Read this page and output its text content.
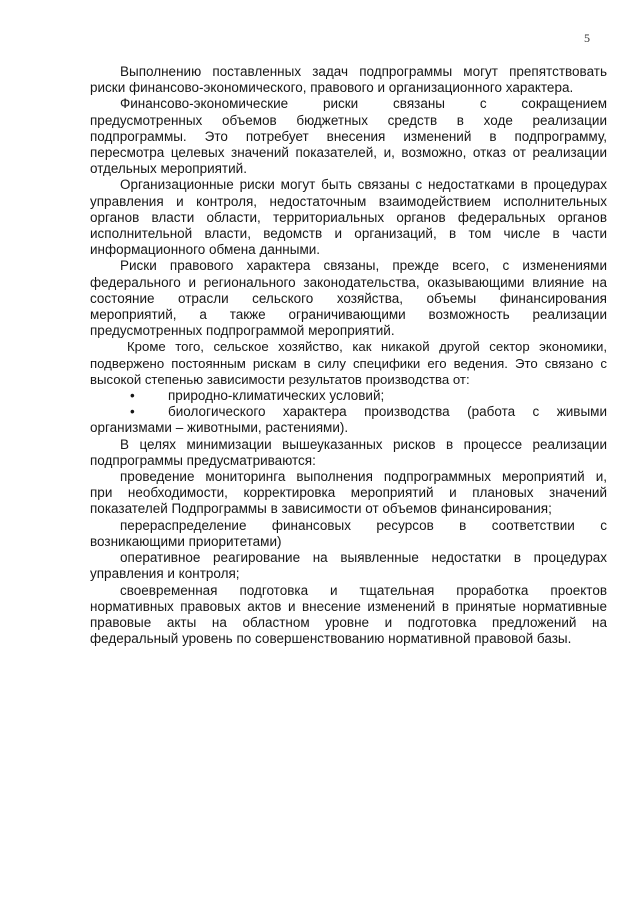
5
Выполнению поставленных задач подпрограммы могут препятствовать
риски финансово-экономического, правового и организационного характера.
Финансово-экономические риски связаны с сокращением
предусмотренных объемов бюджетных средств в ходе реализации
подпрограммы. Это потребует внесения изменений в подпрограмму,
пересмотра целевых значений показателей, и, возможно, отказ от реализации
отдельных мероприятий.
Организационные риски могут быть связаны с недостатками в процедурах
управления и контроля, недостаточным взаимодействием исполнительных
органов власти области, территориальных органов федеральных органов
исполнительной власти, ведомств и организаций, в том числе в части
информационного обмена данными.
Риски правового характера связаны, прежде всего, с изменениями
федерального и регионального законодательства, оказывающими влияние на
состояние отрасли сельского хозяйства, объемы финансирования
мероприятий, а также ограничивающими возможность реализации
предусмотренных подпрограммой мероприятий.
Кроме того, сельское хозяйство, как никакой другой сектор экономики,
подвержено постоянным рискам в силу специфики его ведения. Это связано с
высокой степенью зависимости результатов производства от:
• природно-климатических условий;
• биологического характера производства (работа с живыми
организмами – животными, растениями).
В целях минимизации вышеуказанных рисков в процессе реализации
подпрограммы предусматриваются:
проведение мониторинга выполнения подпрограммных мероприятий и,
при необходимости, корректировка мероприятий и плановых значений
показателей Подпрограммы в зависимости от объемов финансирования;
перераспределение финансовых ресурсов в соответствии с
возникающими приоритетами)
оперативное реагирование на выявленные недостатки в процедурах
управления и контроля;
своевременная подготовка и тщательная проработка проектов
нормативных правовых актов и внесение изменений в принятые нормативные
правовые акты на областном уровне и подготовка предложений на
федеральный уровень по совершенствованию нормативной правовой базы.
